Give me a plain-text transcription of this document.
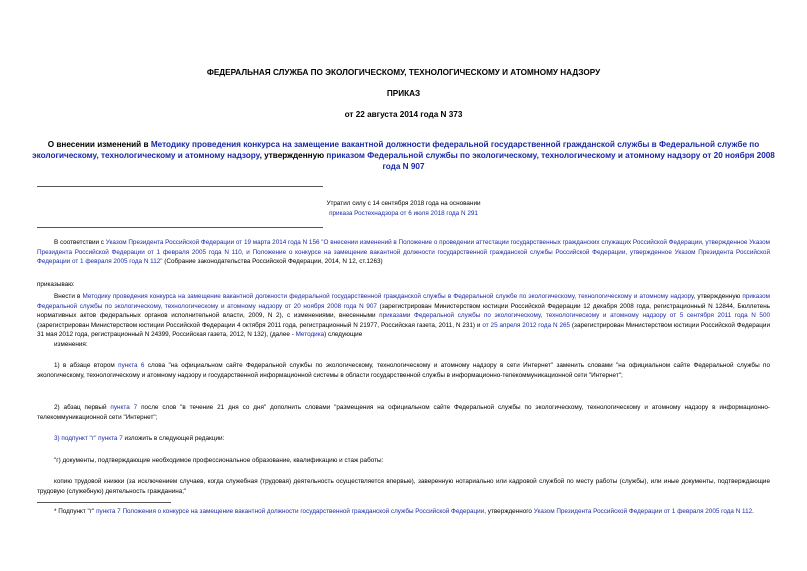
ФЕДЕРАЛЬНАЯ СЛУЖБА ПО ЭКОЛОГИЧЕСКОМУ, ТЕХНОЛОГИЧЕСКОМУ И АТОМНОМУ НАДЗОРУ
ПРИКАЗ
от 22 августа 2014 года N 373
О внесении изменений в Методику проведения конкурса на замещение вакантной должности федеральной государственной гражданской службы в Федеральной службе по экологическому, технологическому и атомному надзору, утвержденную приказом Федеральной службы по экологическому, технологическому и атомному надзору от 20 ноября 2008 года N 907
Утратил силу с 14 сентября 2018 года на основании
приказа Ростехнадзора от 6 июля 2018 года N 291
В соответствии с Указом Президента Российской Федерации от 19 марта 2014 года N 156 "О внесении изменений в Положение о проведении аттестации государственных гражданских служащих Российской Федерации, утвержденное Указом Президента Российской Федерации от 1 февраля 2005 года N 110, и Положение о конкурсе на замещение вакантной должности государственной гражданской службы Российской Федерации, утвержденное Указом Президента Российской Федерации от 1 февраля 2005 года N 112" (Собрание законодательства Российской Федерации, 2014, N 12, ст.1263)
приказываю:
Внести в Методику проведения конкурса на замещение вакантной должности федеральной государственной гражданской службы в Федеральной службе по экологическому, технологическому и атомному надзору, утвержденную приказом Федеральной службы по экологическому, технологическому и атомному надзору от 20 ноября 2008 года N 907 (зарегистрирован Министерством юстиции Российской Федерации 12 декабря 2008 года, регистрационный N 12844, Бюллетень нормативных актов федеральных органов исполнительной власти, 2009, N 2), с изменениями, внесенными приказами Федеральной службы по экологическому, технологическому и атомному надзору от 5 сентября 2011 года N 500 (зарегистрирован Министерством юстиции Российской Федерации 4 октября 2011 года, регистрационный N 21977, Российская газета, 2011, N 231) и от 25 апреля 2012 года N 265 (зарегистрирован Министерством юстиции Российской Федерации 31 мая 2012 года, регистрационный N 24399, Российская газета, 2012, N 132), (далее - Методика) следующие
изменения:
1) в абзаце втором пункта 6 слова "на официальном сайте Федеральной службы по экологическому, технологическому и атомному надзору в сети Интернет" заменить словами "на официальном сайте Федеральной службы по экологическому, технологическому и атомному надзору и государственной информационной системы в области государственной службы в информационно-телекоммуникационной сети "Интернет";
2) абзац первый пункта 7 после слов "в течение 21 дня со дня" дополнить словами "размещения на официальном сайте Федеральной службы по экологическому, технологическому и атомному надзору в информационно-телекоммуникационной сети "Интернет";
3) подпункт "г" пункта 7 изложить в следующей редакции:
"г) документы, подтверждающие необходимое профессиональное образование, квалификацию и стаж работы:
копию трудовой книжки (за исключением случаев, когда служебная (трудовая) деятельность осуществляется впервые), заверенную нотариально или кадровой службой по месту работы (службы), или иные документы, подтверждающие трудовую (служебную) деятельность гражданина;"
* Подпункт "г" пункта 7 Положения о конкурсе на замещение вакантной должности государственной гражданской службы Российской Федерации, утвержденного Указом Президента Российской Федерации от 1 февраля 2005 года N 112.
